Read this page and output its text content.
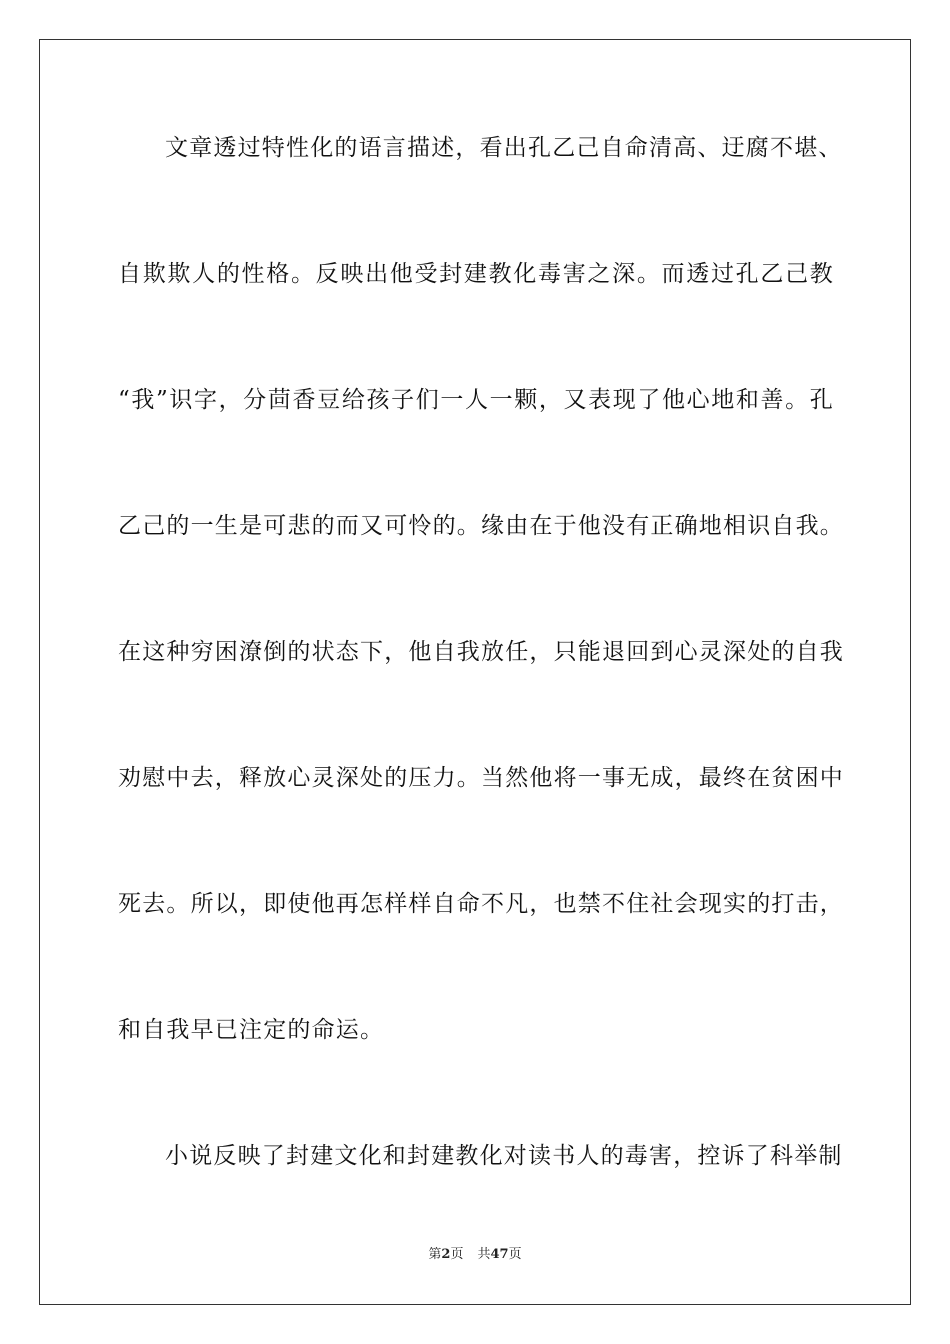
文章透过特性化的语言描述，看出孔乙己自命清高、迂腐不堪、
自欺欺人的性格。反映出他受封建教化毒害之深。而透过孔乙己教
“我”识字，分茴香豆给孩子们一人一颗，又表现了他心地和善。孔
乙己的一生是可悲的而又可怜的。缘由在于他没有正确地相识自我。
在这种穷困潦倒的状态下，他自我放任，只能退回到心灵深处的自我
劝慰中去，释放心灵深处的压力。当然他将一事无成，最终在贫困中
死去。所以，即使他再怎样样自命不凡，也禁不住社会现实的打击，
和自我早已注定的命运。
小说反映了封建文化和封建教化对读书人的毒害，控诉了科举制
第2页 共47页
